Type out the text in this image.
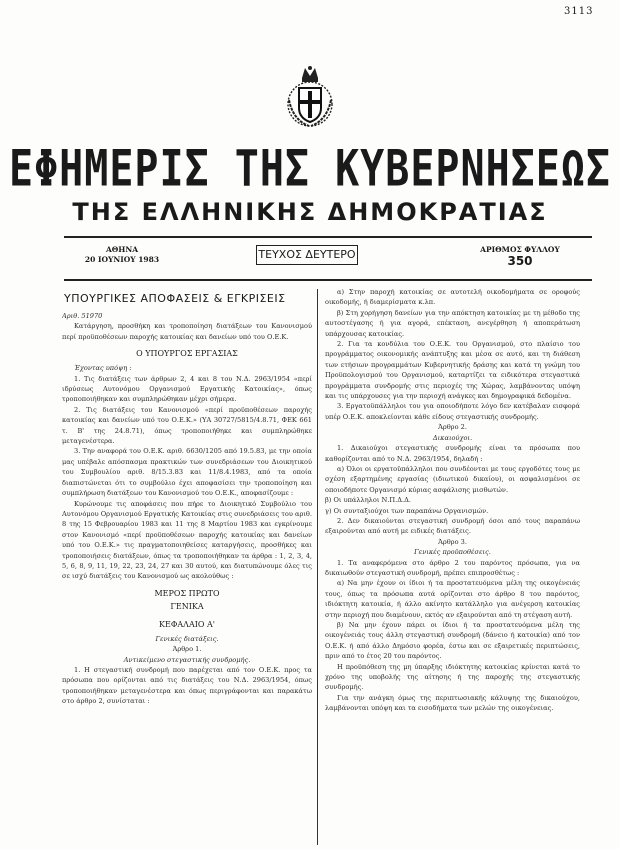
3113
ΕΦΗΜΕΡΙΣ ΤΗΣ ΚΥΒΕΡΝΗΣΕΩΣ
ΤΗΣ ΕΛΛΗΝΙΚΗΣ ΔΗΜΟΚΡΑΤΙΑΣ
ΑΘΗΝΑ
20 ΙΟΥΝΙΟΥ 1983	ΤΕΥΧΟΣ ΔΕΥΤΕΡΟ	ΑΡΙΘΜΟΣ ΦΥΛΛΟΥ
350
ΥΠΟΥΡΓΙΚΕΣ ΑΠΟΦΑΣΕΙΣ & ΕΓΚΡΙΣΕΙΣ

Αριθ. 51970

Κατάργηση, προσθήκη και τροποποίηση διατάξεων του Κανονισμού περί προϋποθέσεων παροχής κατοικίας και δανείων υπό του Ο.Ε.Κ.

Ο ΥΠΟΥΡΓΟΣ ΕΡΓΑΣΙΑΣ

Έχοντας υπόψη :

1. Τις διατάξεις των άρθρων 2, 4 και 8 του Ν.Δ. 2963/1954 «περί ιδρύσεως Αυτονόμου Οργανισμού Εργατικής Κατοικίας», όπως τροποποιήθηκαν και συμπληρώθηκαν μέχρι σήμερα.

2. Τις διατάξεις του Κανονισμού «περί προϋποθέσεων παροχής κατοικίας και δανείων υπό του Ο.Ε.Κ.» (ΥΑ 30727/5815/4.8.71, ΦΕΚ 661 τ. Β' της 24.8.71), όπως τροποποιήθηκε και συμπληρώθηκε μεταγενέστερα.

3. Την αναφορά του Ο.Ε.Κ. αριθ. 6630/1205 από 19.5.83, με την οποία μας υπέβαλε απόσπασμα πρακτικών των συνεδριάσεων του Διοικητικού του Συμβουλίου αριθ. 8/15.3.83 και 11/8.4.1983, από τα οποία διαπιστώνεται ότι το συμβούλιο έχει αποφασίσει την τροποποίηση και συμπλήρωση διατάξεων του Κανονισμού του Ο.Ε.Κ., αποφασίζουμε :

Κυρώνουμε τις αποφάσεις που πήρε το Διοικητικό Συμβούλιο του Αυτονόμου Οργανισμού Εργατικής Κατοικίας στις συνεδριάσεις του αριθ. 8 της 15 Φεβρουαρίου 1983 και 11 της 8 Μαρτίου 1983 και εγκρίνουμε στον Κανονισμό «περί προϋποθέσεων παροχής κατοικίας και δανείων υπό του Ο.Ε.Κ.» τις πραγματοποιηθείσες καταργήσεις, προσθήκες και τροποποιήσεις διατάξεων, όπως τα τροποποιήθηκαν τα άρθρα : 1, 2, 3, 4, 5, 6, 8, 9, 11, 19, 22, 23, 24, 27 και 30 αυτού, και διατυπώνουμε όλες τις σε ισχύ διατάξεις του Κανονισμού ως ακολούθως :

ΜΕΡΟΣ ΠΡΩΤΟ
ΓΕΝΙΚΑ

ΚΕΦΑΛΑΙΟ Α'

Γενικές διατάξεις.

Άρθρο 1.

Αντικείμενο στεγαστικής συνδρομής.

1. Η στεγαστική συνδρομή που παρέχεται από τον Ο.Ε.Κ. προς τα πρόσωπα που ορίζονται από τις διατάξεις του Ν.Δ. 2963/1954, όπως τροποποιήθηκαν μεταγενέστερα και όπως περιγράφονται και παρακάτω στο άρθρο 2, συνίσταται :

α) Στην παροχή κατοικίας σε αυτοτελή οικοδομήματα σε οροφούς οικοδομής, ή διαμερίσματα κ.λπ.

β) Στη χορήγηση δανείων για την απόκτηση κατοικίας με τη μέθοδο της αυτοστέγασης ή για αγορά, επέκταση, ανεγέρθηση ή αποπεράτωση υπάρχουσας κατοικίας.

2. Για τα κονδύλια του Ο.Ε.Κ. του Οργανισμού, στο πλαίσιο του προγράμματος οικονομικής ανάπτυξης και μέσα σε αυτό, και τη διάθεση των ετήσιων προγραμμάτων Κυβερνητικής δράσης και κατά τη γνώμη του Προϋπολογισμού του Οργανισμού, καταρτίζει τα ειδικότερα στεγαστικά προγράμματα συνδρομής στις περιοχές της Χώρας, λαμβάνοντας υπόψη και τις υπάρχουσες για την περιοχή ανάγκες και δημογραφικά δεδομένα.

3. Εργατοϋπάλληλοι του για οποιοδήποτε λόγο δεν κατέβαλαν εισφορά υπέρ Ο.Ε.Κ. αποκλείονται κάθε είδους στεγαστικής συνδρομής.

Άρθρο 2.

Δικαιούχοι.

1. Δικαιούχοι στεγαστικής συνδρομής είναι τα πρόσωπα που καθορίζονται από το Ν.Δ. 2963/1954, δηλαδή :

α) Όλοι οι εργατοϋπάλληλοι που συνδέονται με τους εργοδότες τους με σχέση εξαρτημένης εργασίας (ιδιωτικού δικαίου), οι ασφαλισμένοι σε οποιοδήποτε Οργανισμό κύριας ασφάλισης μισθωτών.

β) Οι υπάλληλοι Ν.Π.Δ.Δ.

γ) Οι συνταξιούχοι των παραπάνω Οργανισμών.

2. Δεν δικαιούνται στεγαστική συνδρομή όσοι από τους παραπάνω εξαιρούνται από αυτή με ειδικές διατάξεις.

Άρθρο 3.

Γενικές προϋποθέσεις.

1. Τα αναφερόμενα στο άρθρο 2 του παρόντος πρόσωπα, για να δικαιωθούν στεγαστική συνδρομή, πρέπει επιπροσθέτως :

α) Να μην έχουν οι ίδιοι ή τα προστατευόμενα μέλη της οικογένειάς τους, όπως τα πρόσωπα αυτά ορίζονται στο άρθρο 8 του παρόντος, ιδιόκτητη κατοικία, ή άλλο ακίνητο κατάλληλο για ανέγερση κατοικίας στην περιοχή που διαμένουν, εκτός αν εξαιρούνται από τη στέγαση αυτή.

β) Να μην έχουν πάρει οι ίδιοι ή τα προστατευόμενα μέλη της οικογένειάς τους άλλη στεγαστική συνδρομή (δάνειο ή κατοικία) από τον Ο.Ε.Κ. ή από άλλο Δημόσιο φορέα, έστω και σε εξαιρετικές περιπτώσεις, πριν από το έτος 20 του παρόντος.

Η προϋπόθεση της μη ύπαρξης ιδιόκτητης κατοικίας κρίνεται κατά το χρόνο της υποβολής της αίτησης ή της παροχής της στεγαστικής συνδρομής.

Για την ανάγκη όμως της περιπτωσιακής κάλυψης της δικαιούχου, λαμβάνονται υπόψη και τα εισοδήματα των μελών της οικογένειας.
